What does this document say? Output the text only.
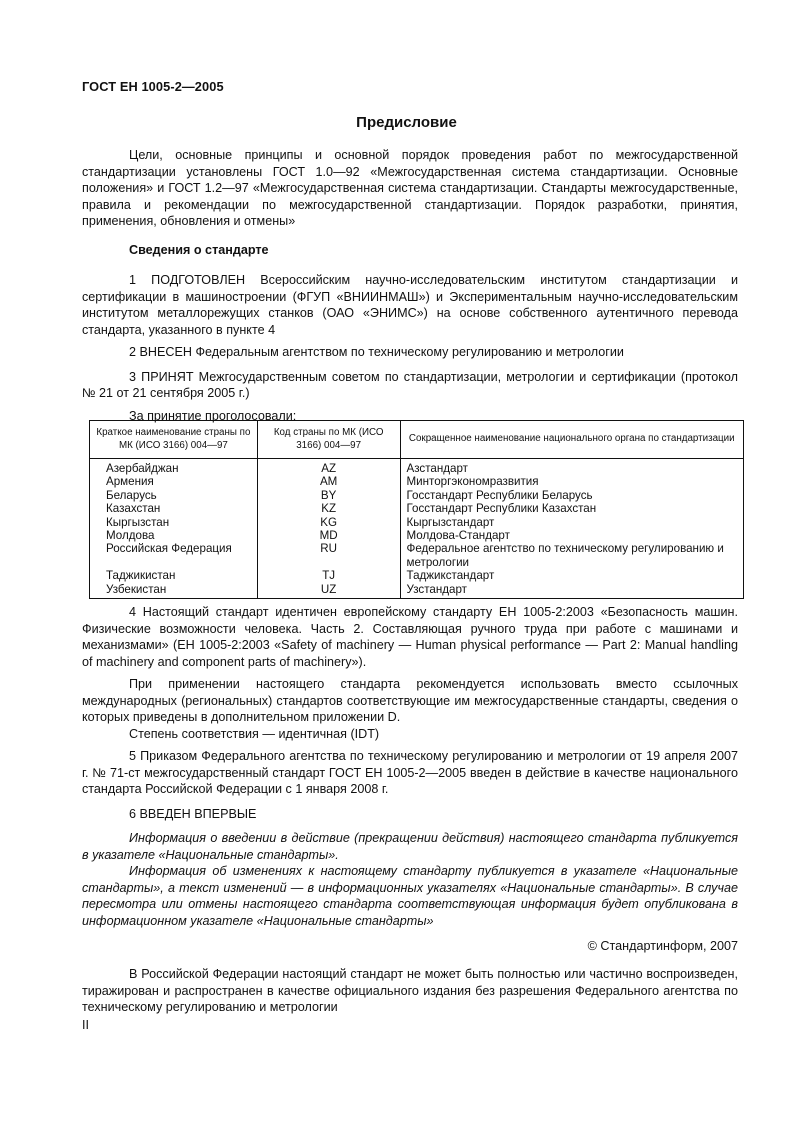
ГОСТ ЕН 1005-2—2005
Предисловие

Цели, основные принципы и основной порядок проведения работ по межгосударственной стандартизации установлены ГОСТ 1.0—92 «Межгосударственная система стандартизации. Основные положения» и ГОСТ 1.2—97 «Межгосударственная система стандартизации. Стандарты межгосударственные, правила и рекомендации по межгосударственной стандартизации. Порядок разработки, принятия, применения, обновления и отмены»

Сведения о стандарте

1 ПОДГОТОВЛЕН Всероссийским научно-исследовательским институтом стандартизации и сертификации в машиностроении (ФГУП «ВНИИНМАШ») и Экспериментальным научно-исследовательским институтом металлорежущих станков (ОАО «ЭНИМС») на основе собственного аутентичного перевода стандарта, указанного в пункте 4

2 ВНЕСЕН Федеральным агентством по техническому регулированию и метрологии

3 ПРИНЯТ Межгосударственным советом по стандартизации, метрологии и сертификации (протокол № 21 от 21 сентября 2005 г.)

За принятие проголосовали:

Краткое наименование страны по МК (ИСО 3166) 004—97	Код страны по МК (ИСО 3166) 004—97	Сокращенное наименование национального органа по стандартизации
Азербайджан	AZ	Азстандарт
Армения	AM	Минторгэкономразвития
Беларусь	BY	Госстандарт Республики Беларусь
Казахстан	KZ	Госстандарт Республики Казахстан
Кыргызстан	KG	Кыргызстандарт
Молдова	MD	Молдова-Стандарт
Российская Федерация	RU	Федеральное агентство по техническому регулированию и метрологии
Таджикистан	TJ	Таджикстандарт
Узбекистан	UZ	Узстандарт

4 Настоящий стандарт идентичен европейскому стандарту ЕН 1005-2:2003 «Безопасность машин. Физические возможности человека. Часть 2. Составляющая ручного труда при работе с машинами и механизмами» (EH 1005-2:2003 «Safety of machinery — Human physical performance — Part 2: Manual handling of machinery and component parts of machinery»).

При применении настоящего стандарта рекомендуется использовать вместо ссылочных международных (региональных) стандартов соответствующие им межгосударственные стандарты, сведения о которых приведены в дополнительном приложении D.

Степень соответствия — идентичная (IDT)

5 Приказом Федерального агентства по техническому регулированию и метрологии от 19 апреля 2007 г. № 71-ст межгосударственный стандарт ГОСТ ЕН 1005-2—2005 введен в действие в качестве национального стандарта Российской Федерации с 1 января 2008 г.

6 ВВЕДЕН ВПЕРВЫЕ

Информация о введении в действие (прекращении действия) настоящего стандарта публикуется в указателе «Национальные стандарты».

Информация об изменениях к настоящему стандарту публикуется в указателе «Национальные стандарты», а текст изменений — в информационных указателях «Национальные стандарты». В случае пересмотра или отмены настоящего стандарта соответствующая информация будет опубликована в информационном указателе «Национальные стандарты»

© Стандартинформ, 2007

В Российской Федерации настоящий стандарт не может быть полностью или частично воспроизведен, тиражирован и распространен в качестве официального издания без разрешения Федерального агентства по техническому регулированию и метрологии

II
